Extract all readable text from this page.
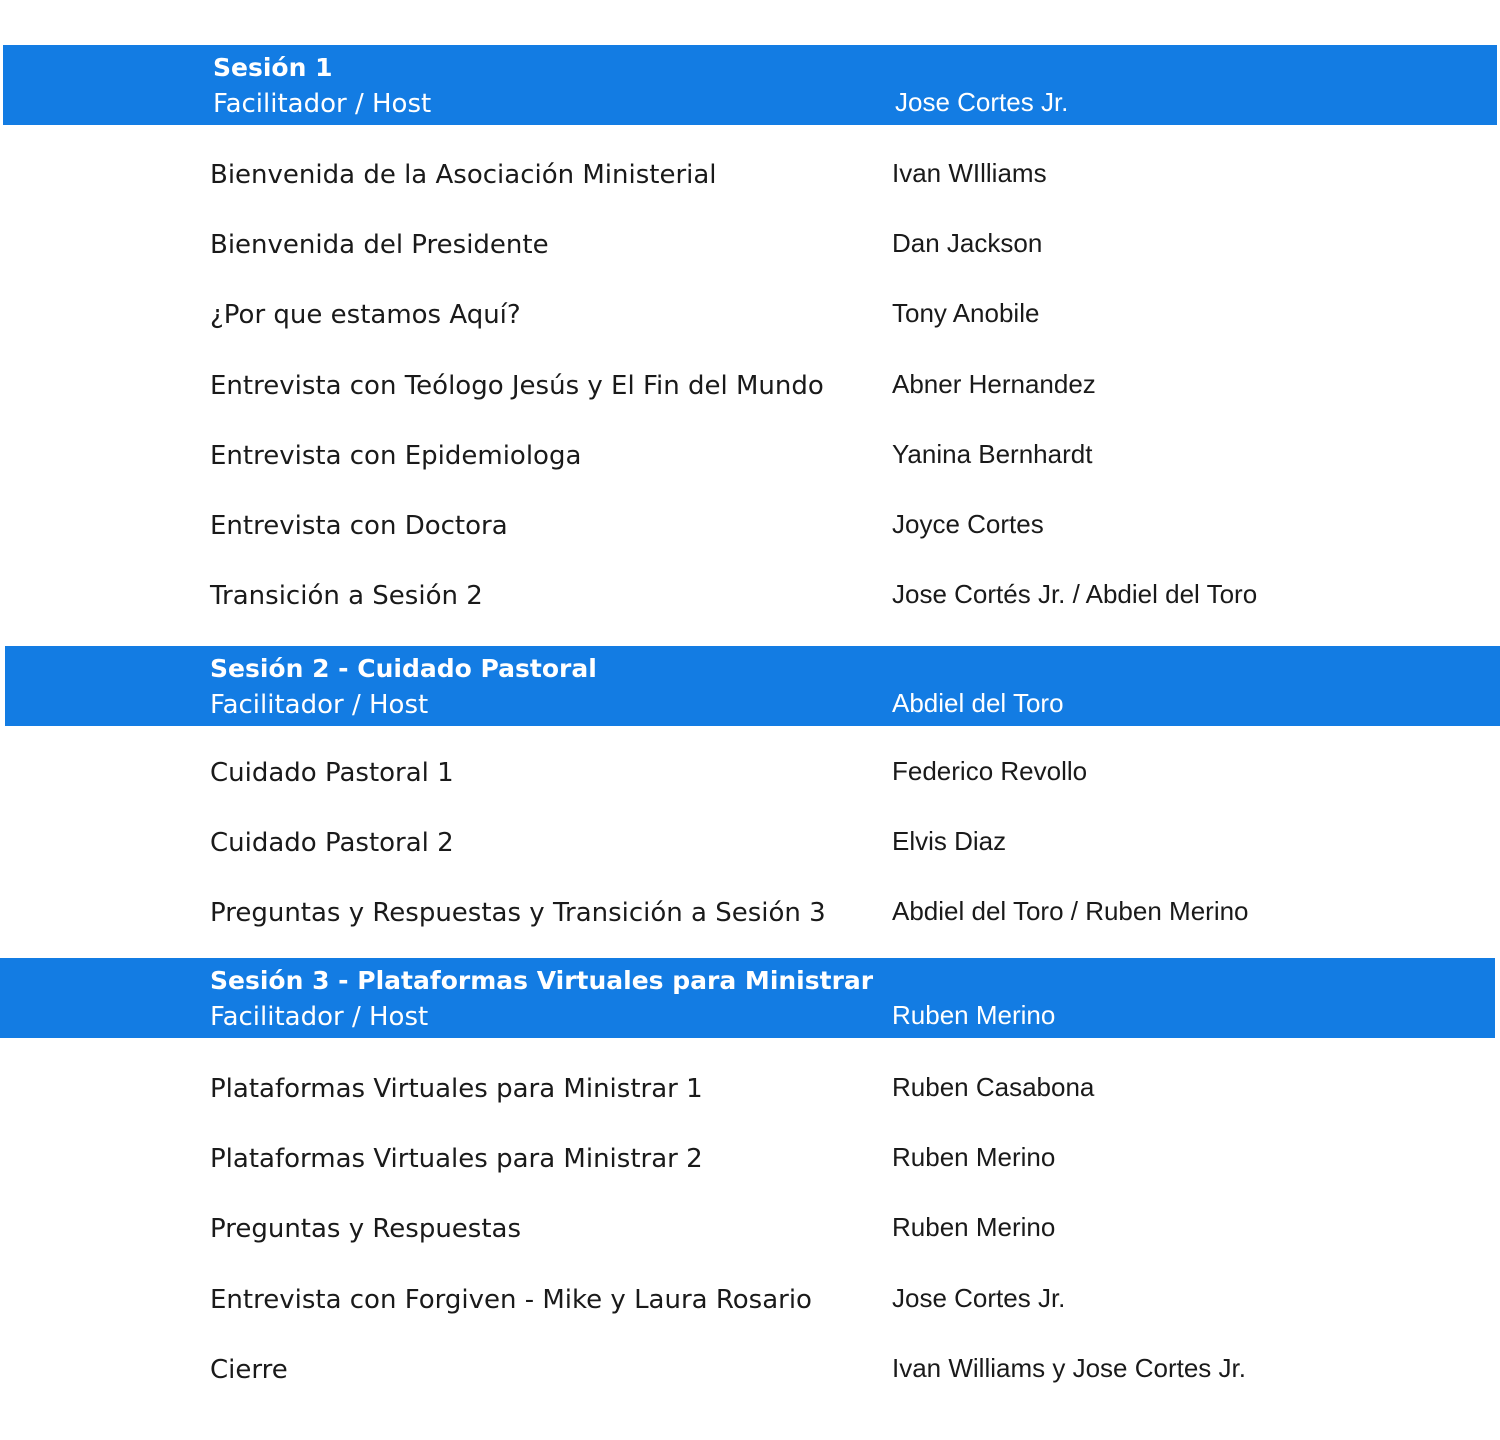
Sesión 1
Facilitador / Host	Jose Cortes Jr.
Bienvenida de la Asociación Ministerial	Ivan WIlliams
Bienvenida del Presidente	Dan Jackson
¿Por que estamos Aquí?	Tony Anobile
Entrevista con Teólogo Jesús y El Fin del Mundo	Abner Hernandez
Entrevista con Epidemiologa	Yanina Bernhardt
Entrevista con Doctora	Joyce Cortes
Transición a Sesión 2	Jose Cortés Jr. / Abdiel del Toro
Sesión 2 - Cuidado Pastoral
Facilitador / Host	Abdiel del Toro
Cuidado Pastoral 1	Federico Revollo
Cuidado Pastoral 2	Elvis Diaz
Preguntas y Respuestas y Transición a Sesión 3	Abdiel del Toro / Ruben Merino
Sesión 3 - Plataformas Virtuales para Ministrar
Facilitador / Host	Ruben Merino
Plataformas Virtuales para Ministrar 1	Ruben Casabona
Plataformas Virtuales para Ministrar 2	Ruben Merino
Preguntas y Respuestas	Ruben Merino
Entrevista con Forgiven - Mike y Laura Rosario	Jose Cortes Jr.
Cierre	Ivan Williams y Jose Cortes Jr.
